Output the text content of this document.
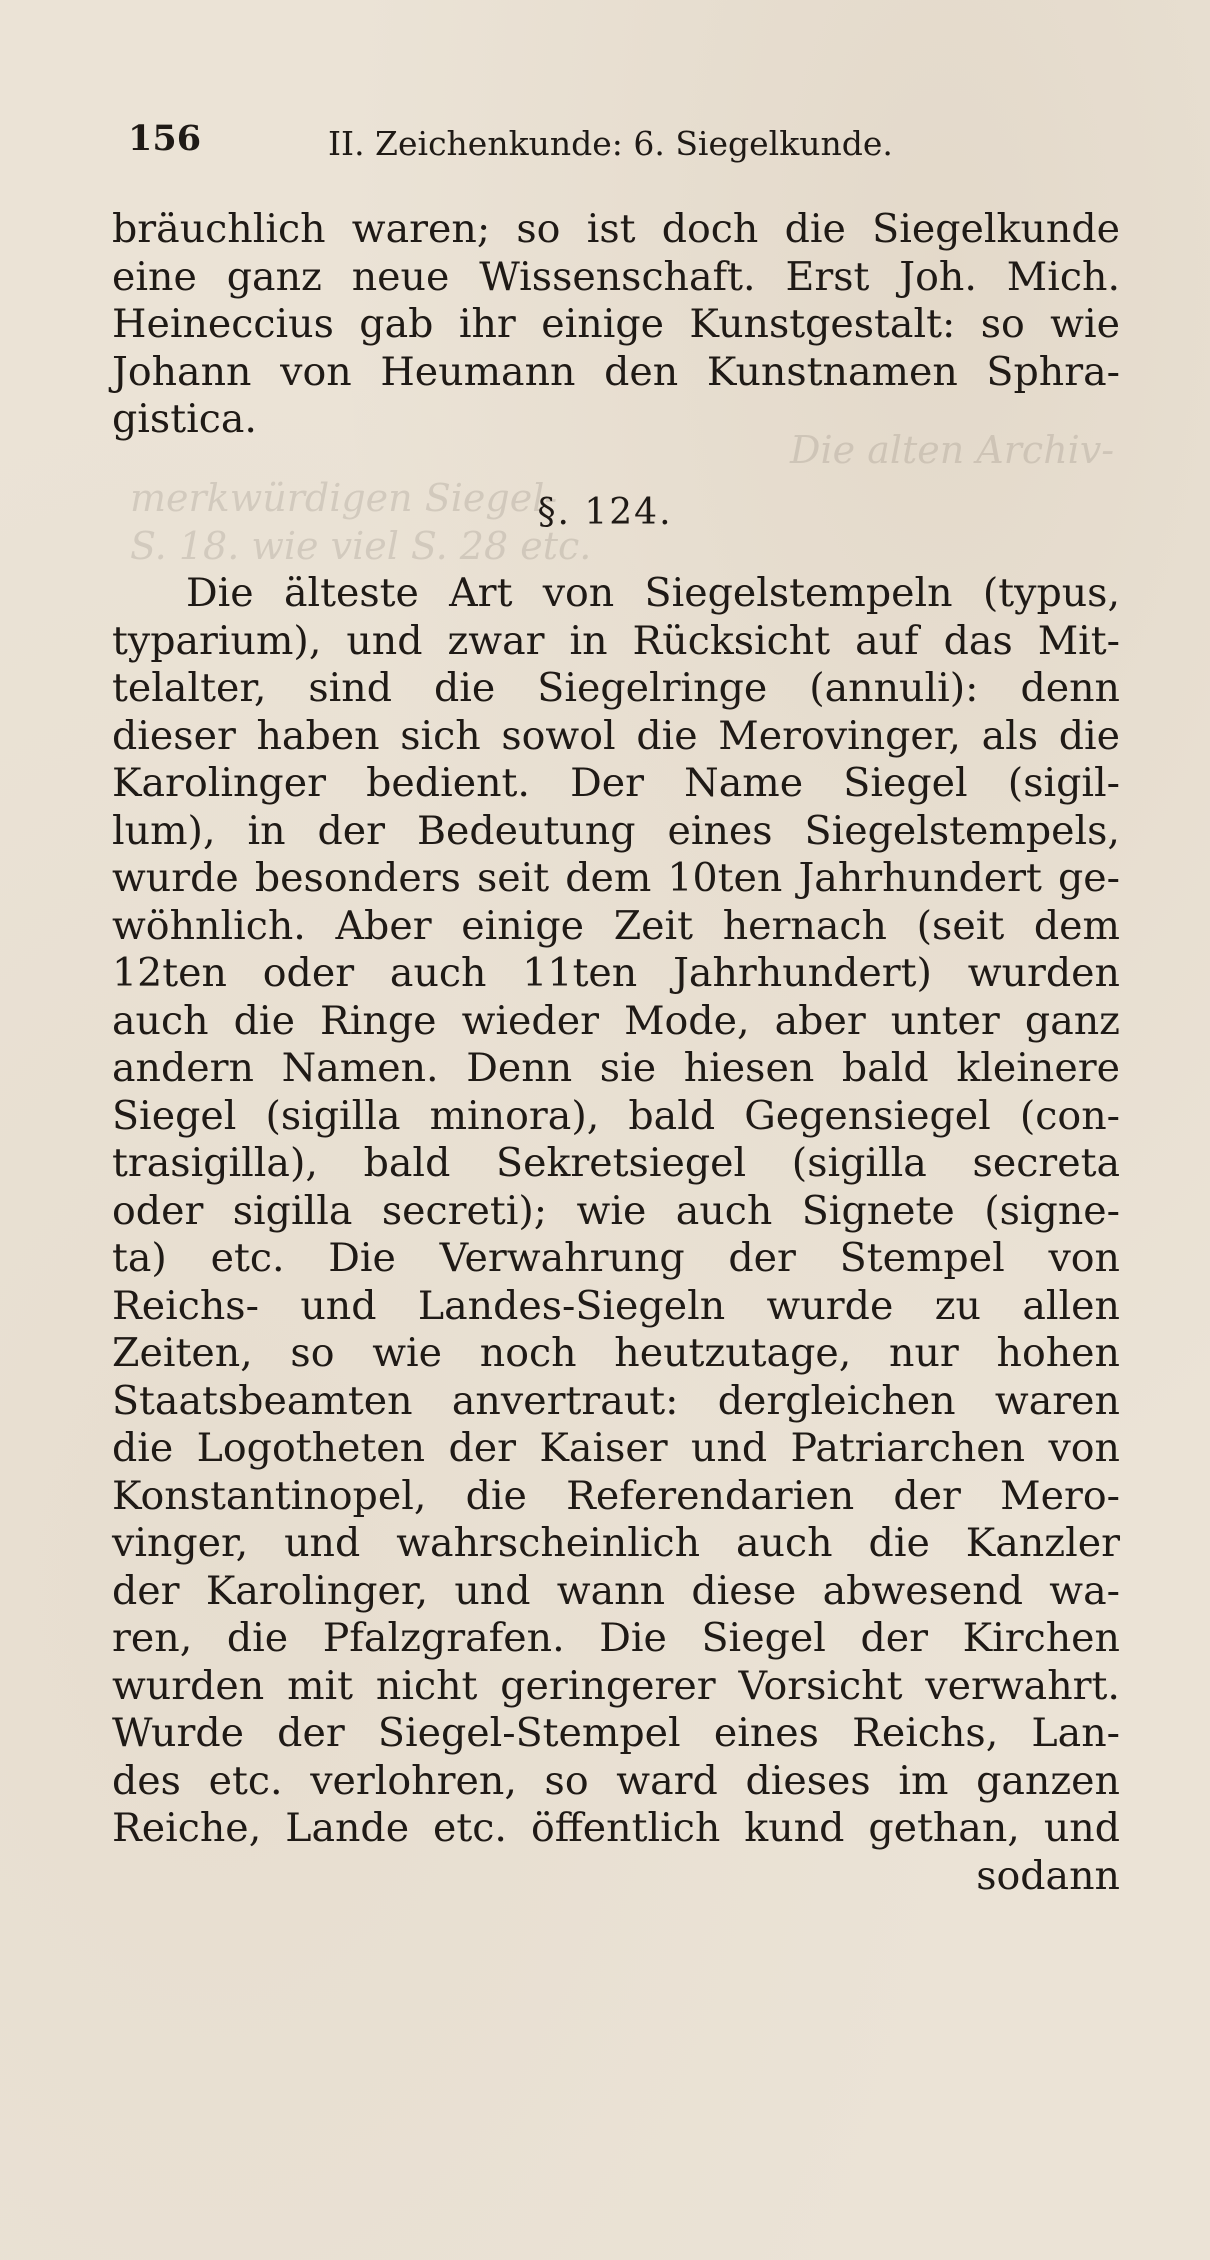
Die alten Archiv-
merkwürdigen Siegel-
S. 18. wie viel S. 28 etc.
156	II. Zeichenkunde: 6. Siegelkunde.
bräuchlich waren; so ist doch die Siegelkunde
eine ganz neue Wissenschaft. Erst Joh. Mich.
Heineccius gab ihr einige Kunstgestalt: so wie
Johann von Heumann den Kunstnamen Sphra-
gistica.
§. 124.
Die älteste Art von Siegelstempeln (typus,
typarium), und zwar in Rücksicht auf das Mit-
telalter, sind die Siegelringe (annuli): denn
dieser haben sich sowol die Merovinger, als die
Karolinger bedient. Der Name Siegel (sigil-
lum), in der Bedeutung eines Siegelstempels,
wurde besonders seit dem 10ten Jahrhundert ge-
wöhnlich. Aber einige Zeit hernach (seit dem
12ten oder auch 11ten Jahrhundert) wurden
auch die Ringe wieder Mode, aber unter ganz
andern Namen. Denn sie hiesen bald kleinere
Siegel (sigilla minora), bald Gegensiegel (con-
trasigilla), bald Sekretsiegel (sigilla secreta
oder sigilla secreti); wie auch Signete (signe-
ta) etc. Die Verwahrung der Stempel von
Reichs- und Landes-Siegeln wurde zu allen
Zeiten, so wie noch heutzutage, nur hohen
Staatsbeamten anvertraut: dergleichen waren
die Logotheten der Kaiser und Patriarchen von
Konstantinopel, die Referendarien der Mero-
vinger, und wahrscheinlich auch die Kanzler
der Karolinger, und wann diese abwesend wa-
ren, die Pfalzgrafen. Die Siegel der Kirchen
wurden mit nicht geringerer Vorsicht verwahrt.
Wurde der Siegel-Stempel eines Reichs, Lan-
des etc. verlohren, so ward dieses im ganzen
Reiche, Lande etc. öffentlich kund gethan, und
sodann
